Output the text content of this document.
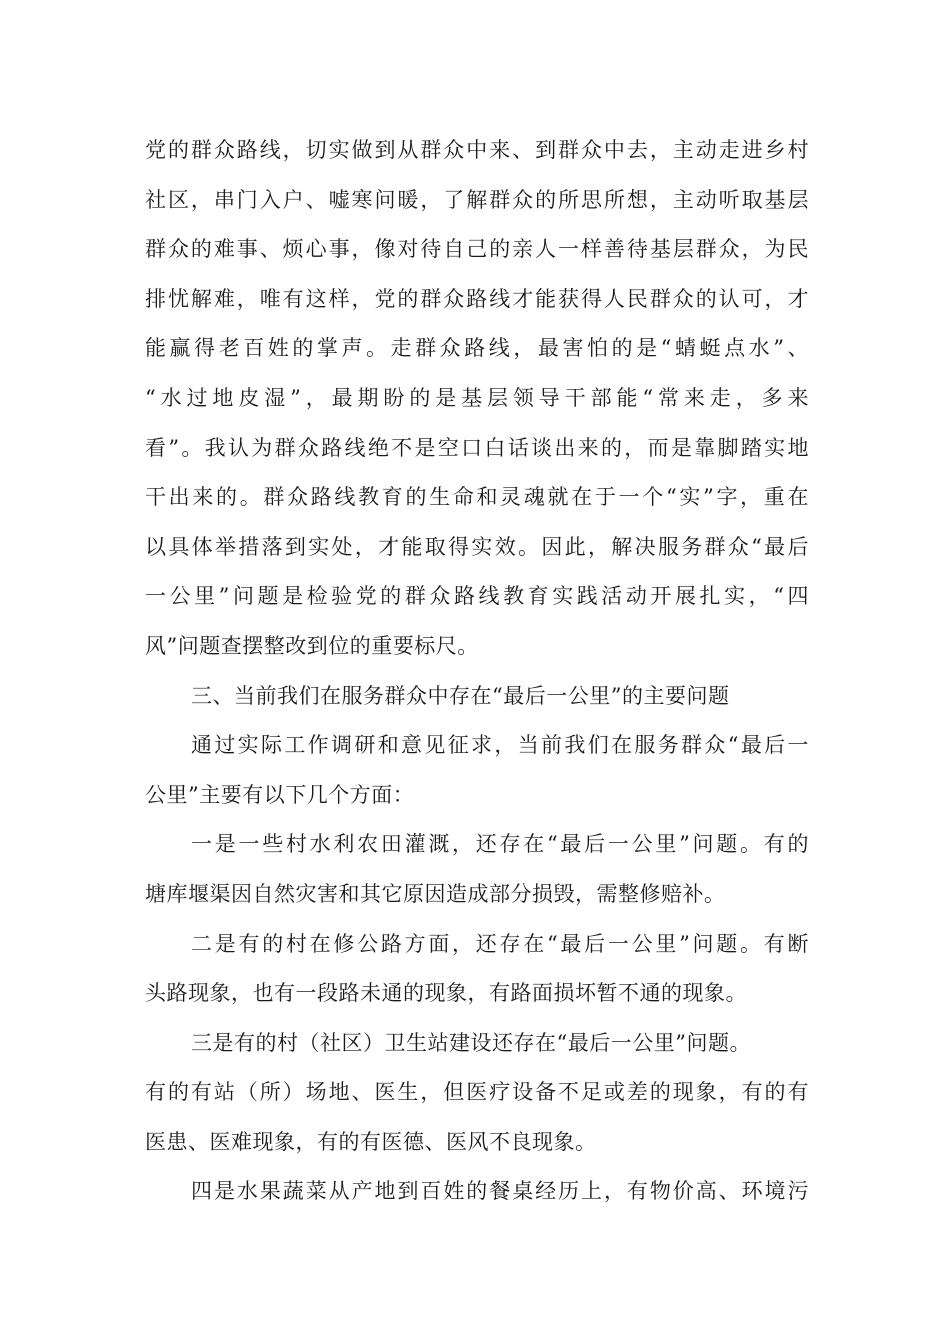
党的群众路线，切实做到从群众中来、到群众中去，主动走进乡村
社区，串门入户、嘘寒问暖，了解群众的所思所想，主动听取基层
群众的难事、烦心事，像对待自己的亲人一样善待基层群众，为民
排忧解难，唯有这样，党的群众路线才能获得人民群众的认可，才
能赢得老百姓的掌声。走群众路线，最害怕的是“蜻蜓点水”、
“水过地皮湿”，最期盼的是基层领导干部能“常来走，多来
看”。我认为群众路线绝不是空口白话谈出来的，而是靠脚踏实地
干出来的。群众路线教育的生命和灵魂就在于一个“实”字，重在
以具体举措落到实处，才能取得实效。因此，解决服务群众“最后
一公里”问题是检验党的群众路线教育实践活动开展扎实，“四
风”问题查摆整改到位的重要标尺。
三、当前我们在服务群众中存在“最后一公里”的主要问题
通过实际工作调研和意见征求，当前我们在服务群众“最后一
公里”主要有以下几个方面：
一是一些村水利农田灌溉，还存在“最后一公里”问题。有的
塘库堰渠因自然灾害和其它原因造成部分损毁，需整修赔补。
二是有的村在修公路方面，还存在“最后一公里”问题。有断
头路现象，也有一段路未通的现象，有路面损坏暂不通的现象。
三是有的村（社区）卫生站建设还存在“最后一公里”问题。
有的有站（所）场地、医生，但医疗设备不足或差的现象，有的有
医患、医难现象，有的有医德、医风不良现象。
四是水果蔬菜从产地到百姓的餐桌经历上，有物价高、环境污
